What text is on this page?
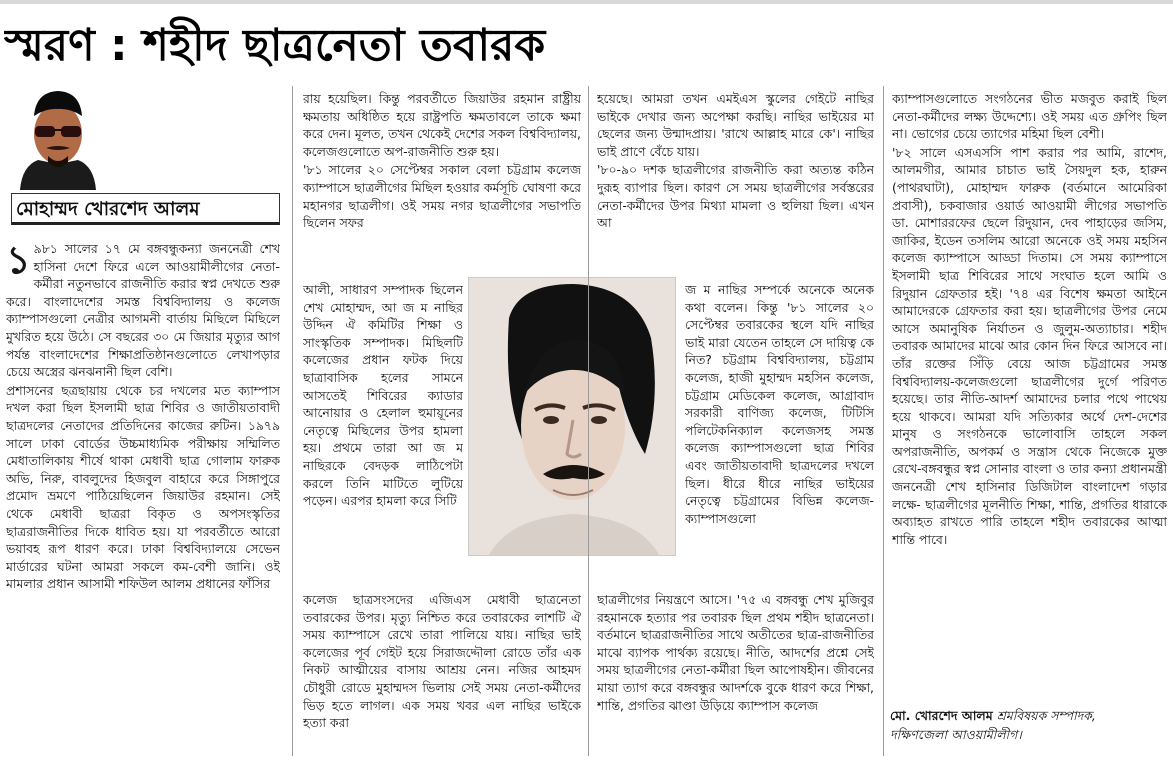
স্মরণ : শহীদ ছাত্রনেতা তবারক
মোহাম্মদ খোরশেদ আলম

১ ৯৮১ সালের ১৭ মে বঙ্গবন্ধুকন্যা জননেত্রী শেখ হাসিনা দেশে ফিরে এলে আওয়ামীলীগের নেতা-কর্মীরা নতুনভাবে রাজনীতি করার স্বপ্ন দেখতে শুরু করে। বাংলাদেশের সমস্ত বিশ্ববিদ্যালয় ও কলেজ ক্যাম্পাসগুলো নেত্রীর আগমনী বার্তায় মিছিলে মিছিলে মুখরিত হয়ে উঠে। সে বছরের ৩০ মে জিয়ার মৃত্যুর আগ পর্যন্ত বাংলাদেশের শিক্ষাপ্রতিষ্ঠানগুলোতে লেখাপড়ার চেয়ে অস্ত্রের ঝনঝনানী ছিল বেশি।

প্রশাসনের ছত্রছায়ায় থেকে চর দখলের মত ক্যাম্পাস দখল করা ছিল ইসলামী ছাত্র শিবির ও জাতীয়তাবাদী ছাত্রদলের নেতাদের প্রতিদিনের কাজের রুটিন। ১৯৭৯ সালে ঢাকা বোর্ডের উচ্চমাধ্যমিক পরীক্ষায় সম্মিলিত মেধাতালিকায় শীর্ষে থাকা মেধাবী ছাত্র গোলাম ফারুক অভি, নিরু, বাবলুদের হিজবুল বাহারে করে সিঙ্গাপুরে প্রমোদ ভ্রমণে পাঠিয়েছিলেন জিয়াউর রহমান। সেই থেকে মেধাবী ছাত্ররা বিকৃত ও অপসংস্কৃতির ছাত্ররাজনীতির দিকে ধাবিত হয়। যা পরবর্তীতে আরো ভয়াবহ রূপ ধারণ করে। ঢাকা বিশ্ববিদ্যালয়ে সেভেন মার্ডারের ঘটনা আমরা সকলে কম-বেশী জানি। ওই মামলার প্রধান আসামী শফিউল আলম প্রধানের ফাঁসির

রায় হয়েছিল। কিন্তু পরবর্তীতে জিয়াউর রহমান রাষ্ট্রীয় ক্ষমতায় অধিষ্ঠিত হয়ে রাষ্ট্রপতি ক্ষমতাবলে তাকে ক্ষমা করে দেন। মূলত, তখন থেকেই দেশের সকল বিশ্ববিদ্যালয়, কলেজগুলোতে অপ-রাজনীতি শুরু হয়।

'৮১ সালের ২০ সেপ্টেম্বর সকাল বেলা চট্টগ্রাম কলেজ ক্যাম্পাসে ছাত্রলীগের মিছিল হওয়ার কর্মসূচি ঘোষণা করে মহানগর ছাত্রলীগ। ওই সময় নগর ছাত্রলীগের সভাপতি ছিলেন সফর

আলী, সাধারণ সম্পাদক ছিলেন শেখ মোহাম্মদ, আ জ ম নাছির উদ্দিন ঐ কমিটির শিক্ষা ও সাংস্কৃতিক সম্পাদক। মিছিলটি কলেজের প্রধান ফটক দিয়ে ছাত্রাবাসিক হলের সামনে আসতেই শিবিরের ক্যাডার আনোয়ার ও হেলাল হুমায়ূনের নেতৃত্বে মিছিলের উপর হামলা হয়। প্রথমে তারা আ জ ম নাছিরকে বেদড়ক লাঠিপেটা করলে তিনি মাটিতে লুটিয়ে পড়েন। এরপর হামলা করে সিটি

কলেজ ছাত্রসংসদের এজিএস মেধাবী ছাত্রনেতা তবারকের উপর। মৃত্যু নিশ্চিত করে তবারকের লাশটি ঐ সময় ক্যাম্পাসে রেখে তারা পালিয়ে যায়। নাছির ভাই কলেজের পূর্ব গেইট হয়ে সিরাজদ্দৌলা রোডে তাঁর এক নিকট আত্মীয়ের বাসায় আশ্রয় নেন। নজির আহমদ চৌধুরী রোডে মুহাম্মদস ভিলায় সেই সময় নেতা-কর্মীদের ভিড় হতে লাগল। এক সময় খবর এল নাছির ভাইকে হত্যা করা

হয়েছে। আমরা তখন এমইএস স্কুলের গেইটে নাছির ভাইকে দেখার জন্য অপেক্ষা করছি। নাছির ভাইয়ের মা ছেলের জন্য উন্মাদপ্রায়। 'রাখে আল্লাহ মারে কে'। নাছির ভাই প্রাণে বেঁচে যায়।

'৮০-৯০ দশক ছাত্রলীগের রাজনীতি করা অত্যন্ত কঠিন দুরূহ ব্যাপার ছিল। কারণ সে সময় ছাত্রলীগের সর্বস্তরের নেতা-কর্মীদের উপর মিথ্যা মামলা ও হুলিয়া ছিল। এখন আ

জ ম নাছির সম্পর্কে অনেকে অনেক কথা বলেন। কিন্তু '৮১ সালের ২০ সেপ্টেম্বর তবারকের স্থলে যদি নাছির ভাই মারা যেতেন তাহলে সে দায়িত্ব কে নিত? চট্টগ্রাম বিশ্ববিদ্যালয়, চট্টগ্রাম কলেজ, হাজী মুহাম্মদ মহসিন কলেজ, চট্টগ্রাম মেডিকেল কলেজ, আগ্রাবাদ সরকারী বাণিজ্য কলেজ, টিটিসি পলিটেকনিক্যাল কলেজসহ সমস্ত কলেজ ক্যাম্পাসগুলো ছাত্র শিবির এবং জাতীয়তাবাদী ছাত্রদলের দখলে ছিল। ধীরে ধীরে নাছির ভাইয়ের নেতৃত্বে চট্টগ্রামের বিভিন্ন কলেজ-ক্যাম্পাসগুলো

ছাত্রলীগের নিয়ন্ত্রণে আসে। '৭৫ এ বঙ্গবন্ধু শেখ মুজিবুর রহমানকে হত্যার পর তবারক ছিল প্রথম শহীদ ছাত্রনেতা। বর্তমানে ছাত্ররাজনীতির সাথে অতীতের ছাত্র-রাজনীতির মাঝে ব্যাপক পার্থক্য রয়েছে। নীতি, আদর্শের প্রশ্নে সেই সময় ছাত্রলীগের নেতা-কর্মীরা ছিল আপোষহীন। জীবনের মায়া ত্যাগ করে বঙ্গবন্ধুর আদর্শকে বুকে ধারণ করে শিক্ষা, শান্তি, প্রগতির ঝাণ্ডা উড়িয়ে ক্যাম্পাস কলেজ

ক্যাম্পাসগুলোতে সংগঠনের ভীত মজবুত করাই ছিল নেতা-কর্মীদের লক্ষ্য উদ্দেশ্যে। ওই সময় এত গ্রুপিং ছিল না। ভোগের চেয়ে ত্যাগের মহিমা ছিল বেশী।

'৮২ সালে এসএসসি পাশ করার পর আমি, রাশেদ, আলমগীর, আমার চাচাত ভাই সৈয়দুল হক, হারুন (পাথরঘাটা), মোহাম্মদ ফারুক (বর্তমানে আমেরিকা প্রবাসী), চকবাজার ওয়ার্ড আওয়ামী লীগের সভাপতি ডা. মোশাররফের ছেলে রিদুয়ান, দেব পাহাড়ের জসিম, জাকির, ইডেন তসলিম আরো অনেকে ওই সময় মহসিন কলেজ ক্যাম্পাসে আড্ডা দিতাম। সে সময় ক্যাম্পাসে ইসলামী ছাত্র শিবিরের সাথে সংঘাত হলে আমি ও রিদুয়ান গ্রেফতার হই। '৭৪ এর বিশেষ ক্ষমতা আইনে আমাদেরকে গ্রেফতার করা হয়। ছাত্রলীগের উপর নেমে আসে অমানুষিক নির্যাতন ও জুলুম-অত্যাচার। শহীদ তবারক আমাদের মাঝে আর কোন দিন ফিরে আসবে না। তাঁর রক্তের সিঁড়ি বেয়ে আজ চট্টগ্রামের সমস্ত বিশ্ববিদ্যালয়-কলেজগুলো ছাত্রলীগের দুর্গে পরিণত হয়েছে। তার নীতি-আদর্শ আমাদের চলার পথে পাথেয় হয়ে থাকবে। আমরা যদি সত্যিকার অর্থে দেশ-দেশের মানুষ ও সংগঠনকে ভালোবাসি তাহলে সকল অপরাজনীতি, অপকর্ম ও সন্ত্রাস থেকে নিজেকে মুক্ত রেখে-বঙ্গবন্ধুর স্বপ্ন সোনার বাংলা ও তার কন্যা প্রধানমন্ত্রী জননেত্রী শেখ হাসিনার ডিজিটাল বাংলাদেশ গড়ার লক্ষে- ছাত্রলীগের মূলনীতি শিক্ষা, শান্তি, প্রগতির ধারাকে অব্যাহত রাখতে পারি তাহলে শহীদ তবারকের আত্মা শান্তি পাবে।

মো. খোরশেদ আলম শ্রমবিষয়ক সম্পাদক,
দক্ষিণজেলা আওয়ামীলীগ।
